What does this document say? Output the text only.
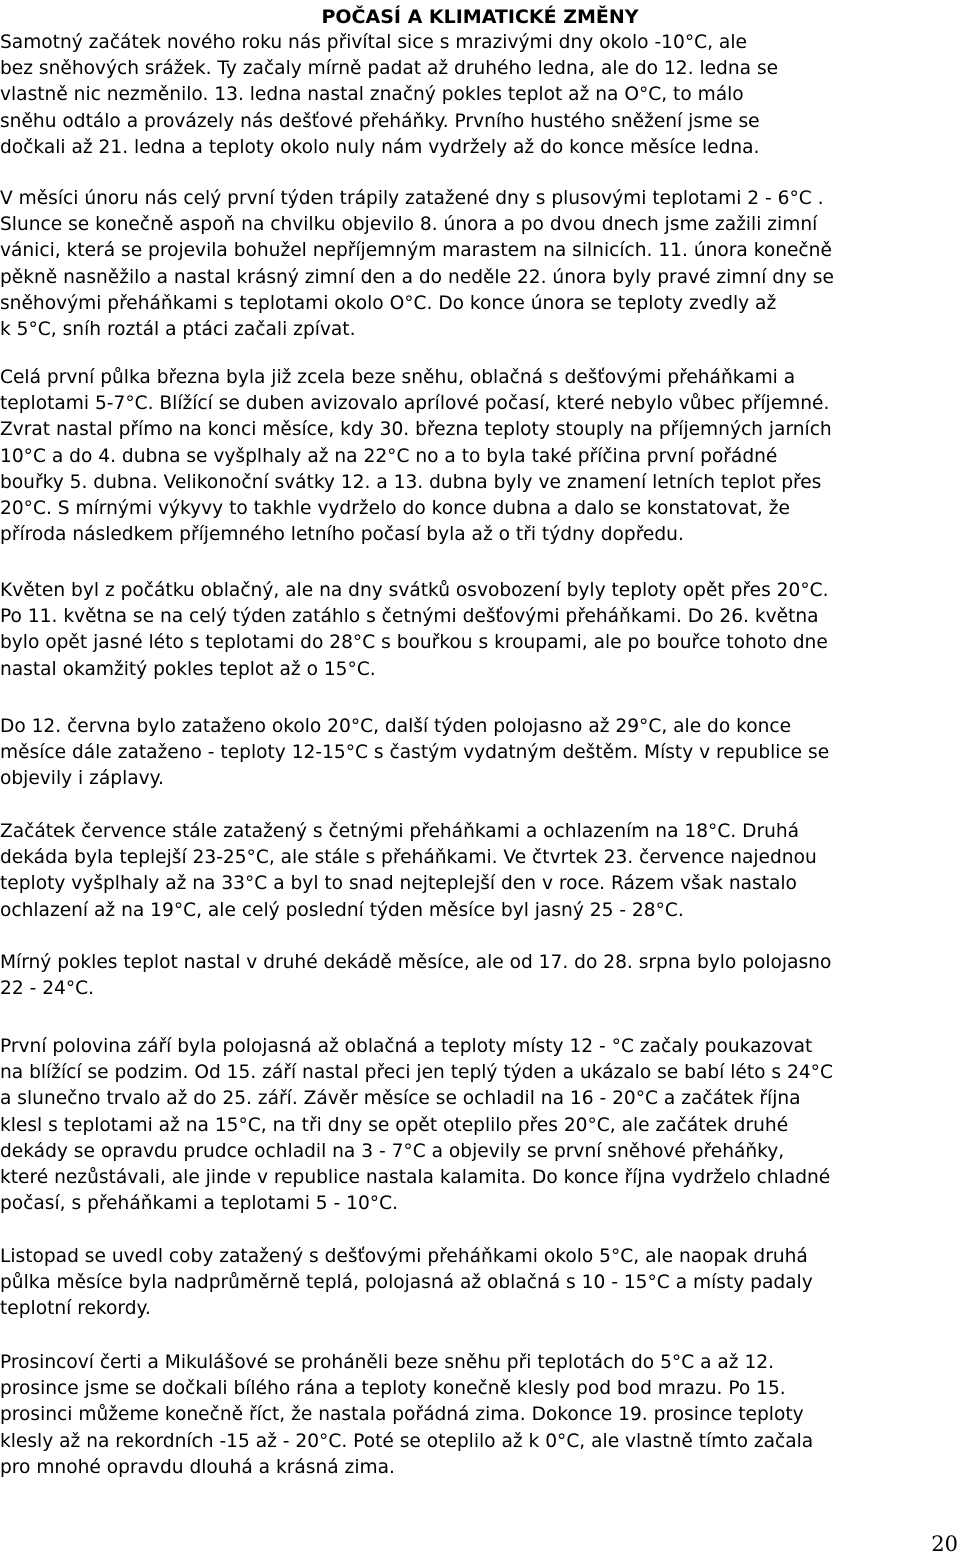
POČASÍ A KLIMATICKÉ ZMĚNY

Samotný začátek nového roku nás přivítal sice s mrazivými dny okolo -10°C, ale
bez sněhových srážek. Ty začaly mírně padat až druhého ledna, ale do 12. ledna se
vlastně nic nezměnilo. 13. ledna nastal značný pokles teplot až na O°C, to málo
sněhu odtálo a provázely nás dešťové přeháňky. Prvního hustého sněžení jsme se
dočkali až 21. ledna a teploty okolo nuly nám vydržely až do konce měsíce ledna.

V měsíci únoru nás celý první týden trápily zatažené dny s plusovými teplotami 2 - 6°C .
Slunce se konečně aspoň na chvilku objevilo 8. února a po dvou dnech jsme zažili zimní
vánici, která se projevila bohužel nepříjemným marastem na silnicích. 11. února konečně
pěkně nasněžilo a nastal krásný zimní den a do neděle 22. února byly pravé zimní dny se
sněhovými přeháňkami s teplotami okolo O°C. Do konce února se teploty zvedly až
k 5°C, sníh roztál a ptáci začali zpívat.

Celá první půlka března byla již zcela beze sněhu, oblačná s dešťovými přeháňkami a
teplotami 5-7°C. Blížící se duben avizovalo aprílové počasí, které nebylo vůbec příjemné.
Zvrat nastal přímo na konci měsíce, kdy 30. března teploty stouply na příjemných jarních
10°C a do 4. dubna se vyšplhaly až na 22°C no a to byla také příčina první pořádné
bouřky 5. dubna. Velikonoční svátky 12. a 13. dubna byly ve znamení letních teplot přes
20°C. S mírnými výkyvy to takhle vydrželo do konce dubna a dalo se konstatovat, že
příroda následkem příjemného letního počasí byla až o tři týdny dopředu.

Květen byl z počátku oblačný, ale na dny svátků osvobození byly teploty opět přes 20°C.
Po 11. května se na celý týden zatáhlo s četnými dešťovými přeháňkami. Do 26. května
bylo opět jasné léto s teplotami do 28°C s bouřkou s kroupami, ale po bouřce tohoto dne
nastal okamžitý pokles teplot až o 15°C.

Do 12. června bylo zataženo okolo 20°C, další týden polojasno až 29°C, ale do konce
měsíce dále zataženo - teploty 12-15°C s častým vydatným deštěm. Místy v republice se
objevily i záplavy.

Začátek července stále zatažený s četnými přeháňkami a ochlazením na 18°C. Druhá
dekáda byla teplejší 23-25°C, ale stále s přeháňkami. Ve čtvrtek 23. července najednou
teploty vyšplhaly až na 33°C a byl to snad nejteplejší den v roce. Rázem však nastalo
ochlazení až na 19°C, ale celý poslední týden měsíce byl jasný 25 - 28°C.

Mírný pokles teplot nastal v druhé dekádě měsíce, ale od 17. do 28. srpna bylo polojasno
22 - 24°C.

První polovina září byla polojasná až oblačná a teploty místy 12 - °C začaly poukazovat
na blížící se podzim. Od 15. září nastal přeci jen teplý týden a ukázalo se babí léto s 24°C
a slunečno trvalo až do 25. září. Závěr měsíce se ochladil na 16 - 20°C a začátek října
klesl s teplotami až na 15°C, na tři dny se opět oteplilo přes 20°C, ale začátek druhé
dekády se opravdu prudce ochladil na 3 - 7°C a objevily se první sněhové přeháňky,
které nezůstávali, ale jinde v republice nastala kalamita. Do konce října vydrželo chladné
počasí, s přeháňkami a teplotami 5 - 10°C.

Listopad se uvedl coby zatažený s dešťovými přeháňkami okolo 5°C, ale naopak druhá
půlka měsíce byla nadprůměrně teplá, polojasná až oblačná s 10 - 15°C a místy padaly
teplotní rekordy.

Prosincoví čerti a Mikulášové se proháněli beze sněhu při teplotách do 5°C a až 12.
prosince jsme se dočkali bílého rána a teploty konečně klesly pod bod mrazu. Po 15.
prosinci můžeme konečně říct, že nastala pořádná zima. Dokonce 19. prosince teploty
klesly až na rekordních -15 až - 20°C. Poté se oteplilo až k 0°C, ale vlastně tímto začala
pro mnohé opravdu dlouhá a krásná zima.

20
